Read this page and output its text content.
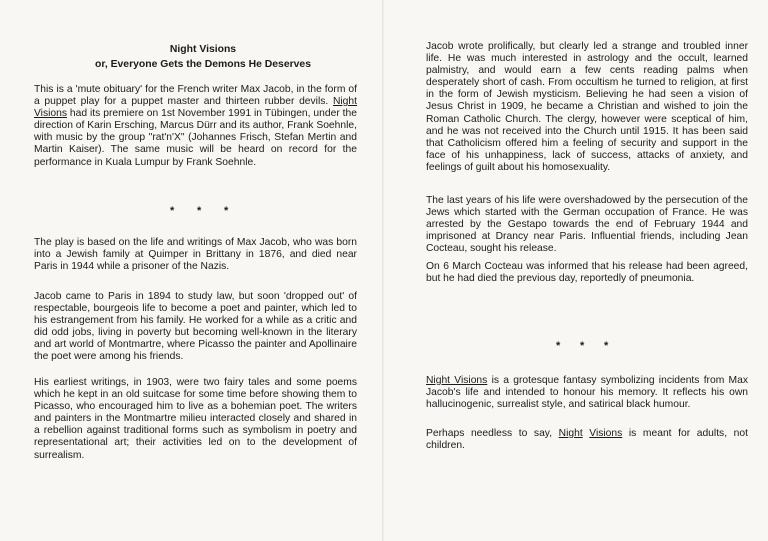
Night Visions
or, Everyone Gets the Demons He Deserves

This is a 'mute obituary' for the French writer Max Jacob, in the form of a puppet play for a puppet master and thirteen rubber devils. Night Visions had its premiere on 1st November 1991 in Tübingen, under the direction of Karin Ersching, Marcus Dürr and its author, Frank Soehnle, with music by the group "rat'n'X" (Johannes Frisch, Stefan Mertin and Martin Kaiser). The same music will be heard on record for the performance in Kuala Lumpur by Frank Soehnle.

* * *

The play is based on the life and writings of Max Jacob, who was born into a Jewish family at Quimper in Brittany in 1876, and died near Paris in 1944 while a prisoner of the Nazis.

Jacob came to Paris in 1894 to study law, but soon 'dropped out' of respectable, bourgeois life to become a poet and painter, which led to his estrangement from his family. He worked for a while as a critic and did odd jobs, living in poverty but becoming well-known in the literary and art world of Montmartre, where Picasso the painter and Apollinaire the poet were among his friends.

His earliest writings, in 1903, were two fairy tales and some poems which he kept in an old suitcase for some time before showing them to Picasso, who encouraged him to live as a bohemian poet. The writers and painters in the Montmartre milieu interacted closely and shared in a rebellion against traditional forms such as symbolism in poetry and representational art; their activities led on to the development of surrealism.

Jacob wrote prolifically, but clearly led a strange and troubled inner life. He was much interested in astrology and the occult, learned palmistry, and would earn a few cents reading palms when desperately short of cash. From occultism he turned to religion, at first in the form of Jewish mysticism. Believing he had seen a vision of Jesus Christ in 1909, he became a Christian and wished to join the Roman Catholic Church. The clergy, however were sceptical of him, and he was not received into the Church until 1915. It has been said that Catholicism offered him a feeling of security and support in the face of his unhappiness, lack of success, attacks of anxiety, and feelings of guilt about his homosexuality.

The last years of his life were overshadowed by the persecution of the Jews which started with the German occupation of France. He was arrested by the Gestapo towards the end of February 1944 and imprisoned at Drancy near Paris. Influential friends, including Jean Cocteau, sought his release.

On 6 March Cocteau was informed that his release had been agreed, but he had died the previous day, reportedly of pneumonia.

* * *

Night Visions is a grotesque fantasy symbolizing incidents from Max Jacob's life and intended to honour his memory. It reflects his own hallucinogenic, surrealist style, and satirical black humour.

Perhaps needless to say, Night Visions is meant for adults, not children.
